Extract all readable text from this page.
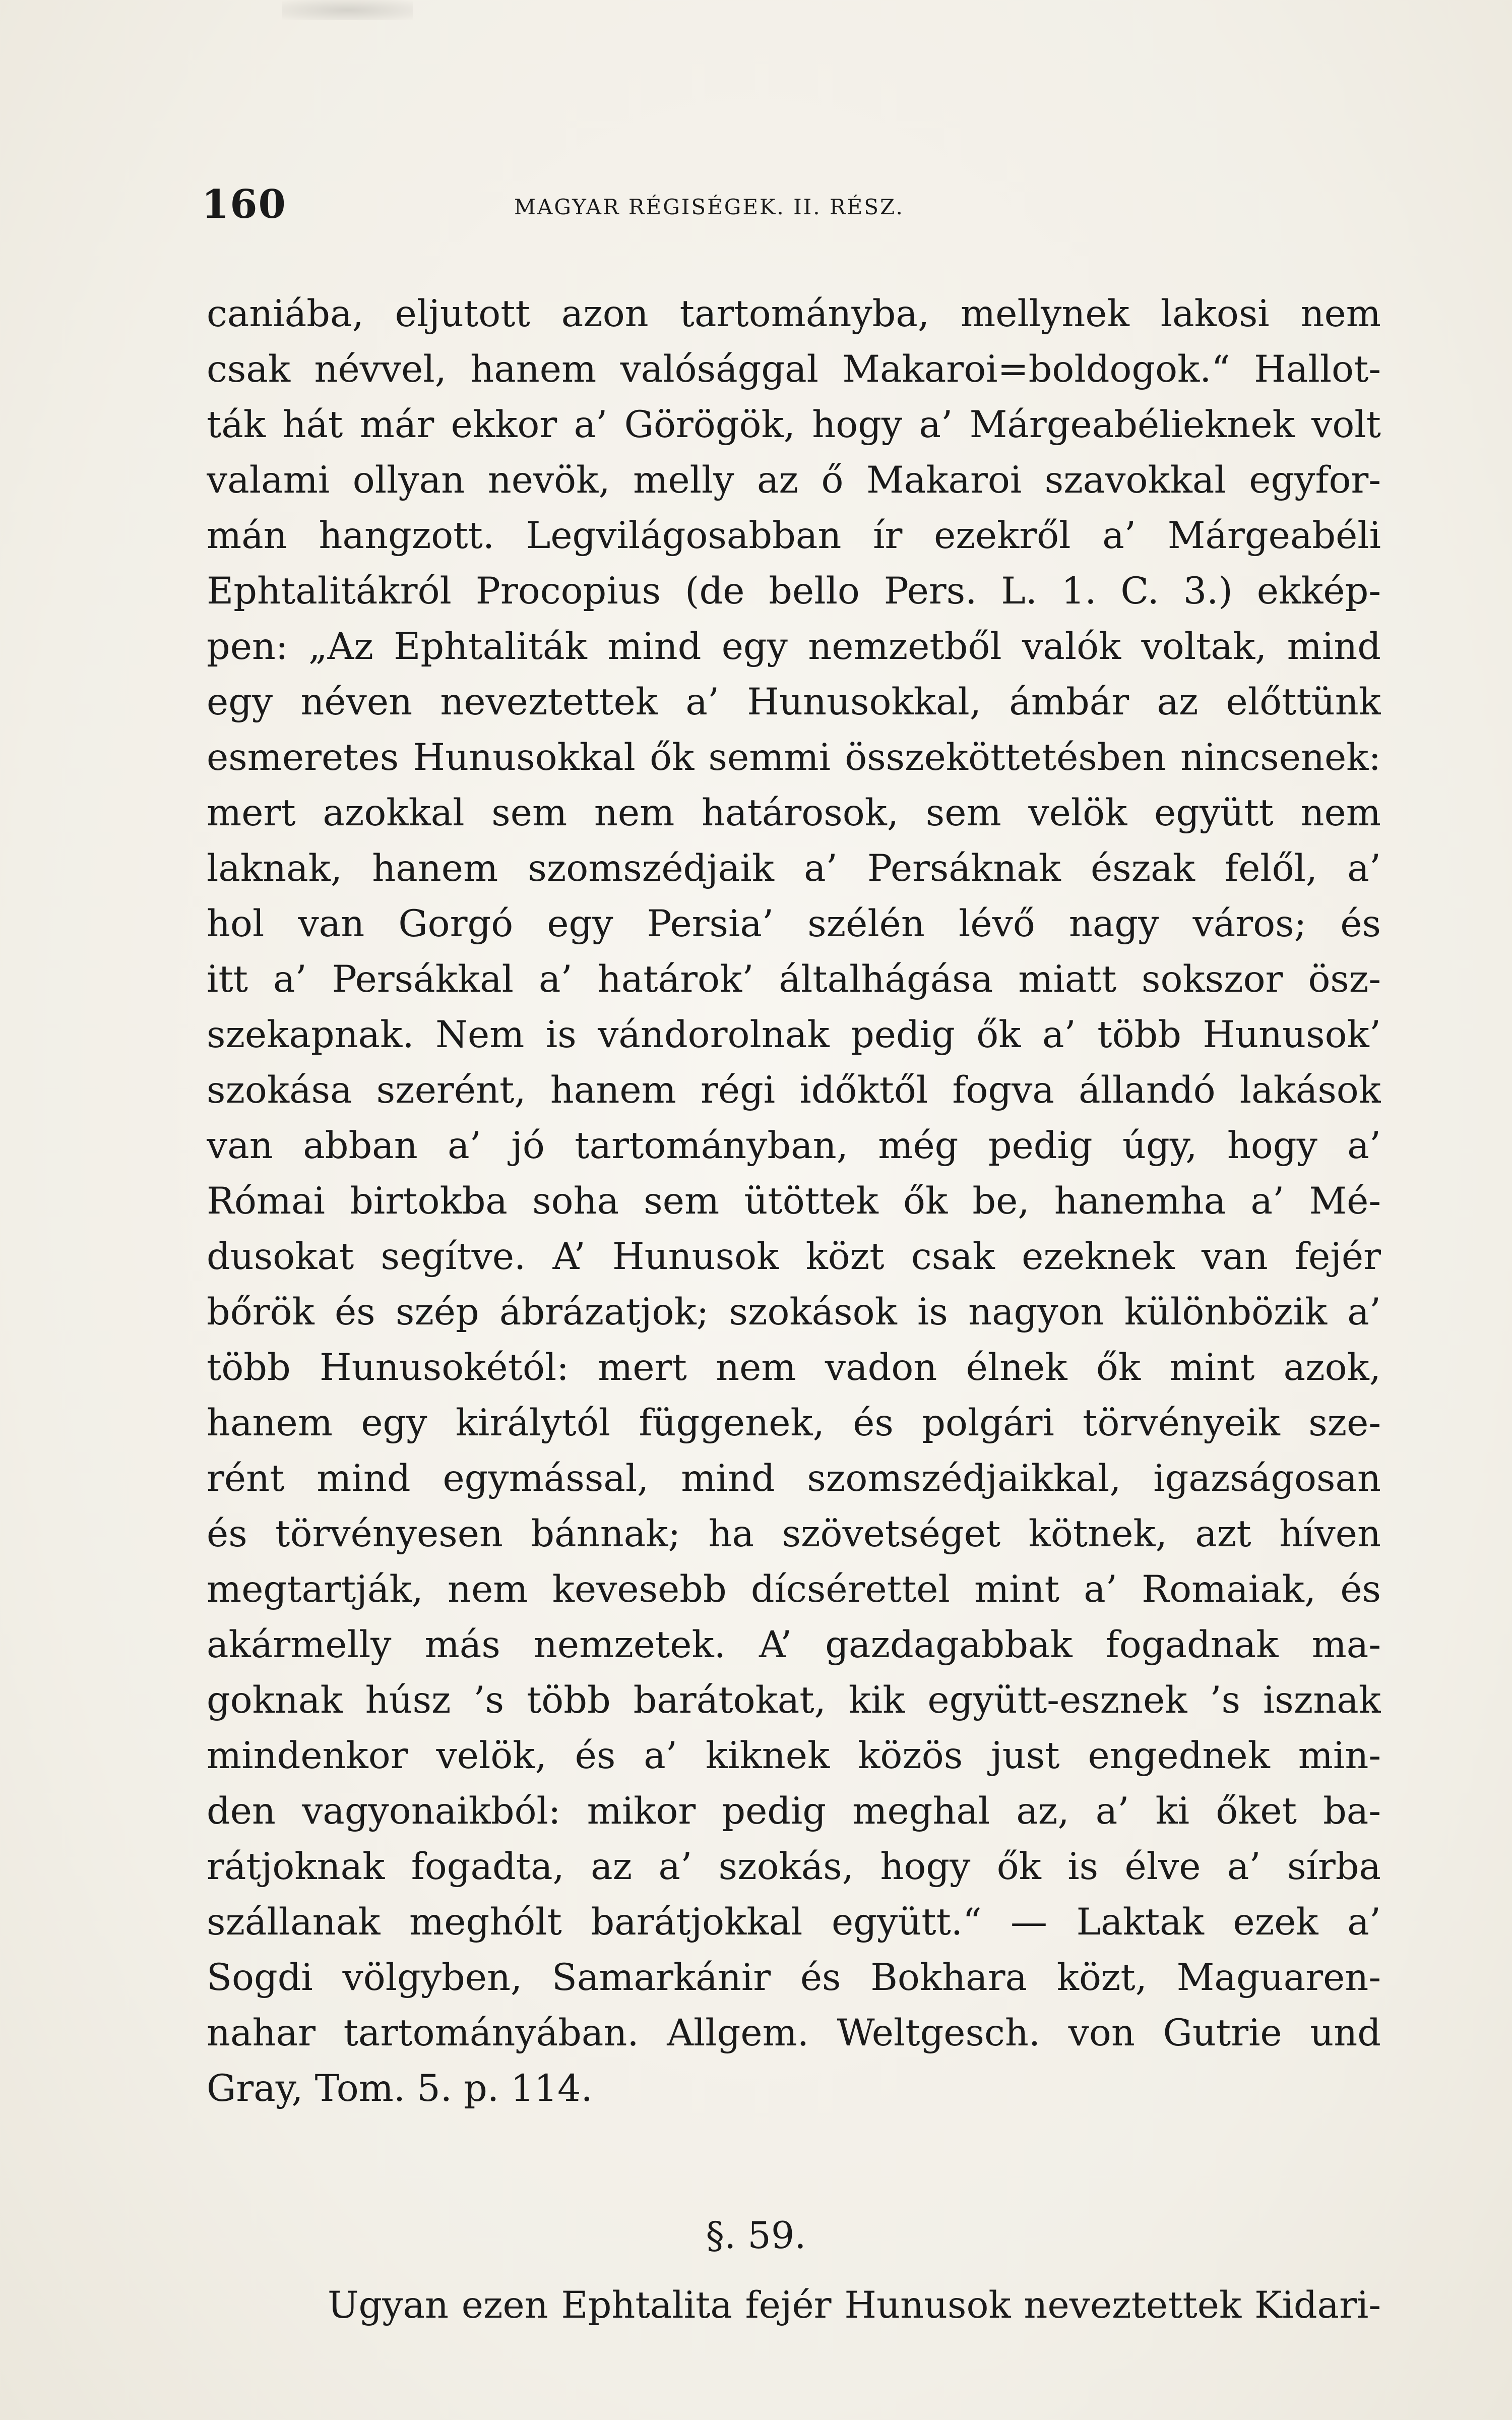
160	MAGYAR RÉGISÉGEK. II. RÉSZ.
caniába, eljutott azon tartományba, mellynek lakosi nem
csak névvel, hanem valósággal Makaroi=boldogok.“ Hallot-
ták hát már ekkor a’ Görögök, hogy a’ Márgeabélieknek volt
valami ollyan nevök, melly az ő Makaroi szavokkal egyfor-
mán hangzott. Legvilágosabban ír ezekről a’ Márgeabéli
Ephtalitákról Procopius (de bello Pers. L. 1. C. 3.) ekkép-
pen: „Az Ephtaliták mind egy nemzetből valók voltak, mind
egy néven neveztettek a’ Hunusokkal, ámbár az előttünk
esmeretes Hunusokkal ők semmi összeköttetésben nincsenek:
mert azokkal sem nem határosok, sem velök együtt nem
laknak, hanem szomszédjaik a’ Persáknak észak felől, a’
hol van Gorgó egy Persia’ szélén lévő nagy város; és
itt a’ Persákkal a’ határok’ általhágása miatt sokszor ösz-
szekapnak. Nem is vándorolnak pedig ők a’ több Hunusok’
szokása szerént, hanem régi időktől fogva állandó lakások
van abban a’ jó tartományban, még pedig úgy, hogy a’
Római birtokba soha sem ütöttek ők be, hanemha a’ Mé-
dusokat segítve. A’ Hunusok közt csak ezeknek van fejér
bőrök és szép ábrázatjok; szokások is nagyon különbözik a’
több Hunusokétól: mert nem vadon élnek ők mint azok,
hanem egy királytól függenek, és polgári törvényeik sze-
rént mind egymással, mind szomszédjaikkal, igazságosan
és törvényesen bánnak; ha szövetséget kötnek, azt híven
megtartják, nem kevesebb dícsérettel mint a’ Romaiak, és
akármelly más nemzetek. A’ gazdagabbak fogadnak ma-
goknak húsz ’s több barátokat, kik együtt-esznek ’s isznak
mindenkor velök, és a’ kiknek közös just engednek min-
den vagyonaikból: mikor pedig meghal az, a’ ki őket ba-
rátjoknak fogadta, az a’ szokás, hogy ők is élve a’ sírba
szállanak meghólt barátjokkal együtt.“ — Laktak ezek a’
Sogdi völgyben, Samarkánir és Bokhara közt, Maguaren-
nahar tartományában. Allgem. Weltgesch. von Gutrie und
Gray, Tom. 5. p. 114.
§. 59.
Ugyan ezen Ephtalita fejér Hunusok neveztettek Kidari-
